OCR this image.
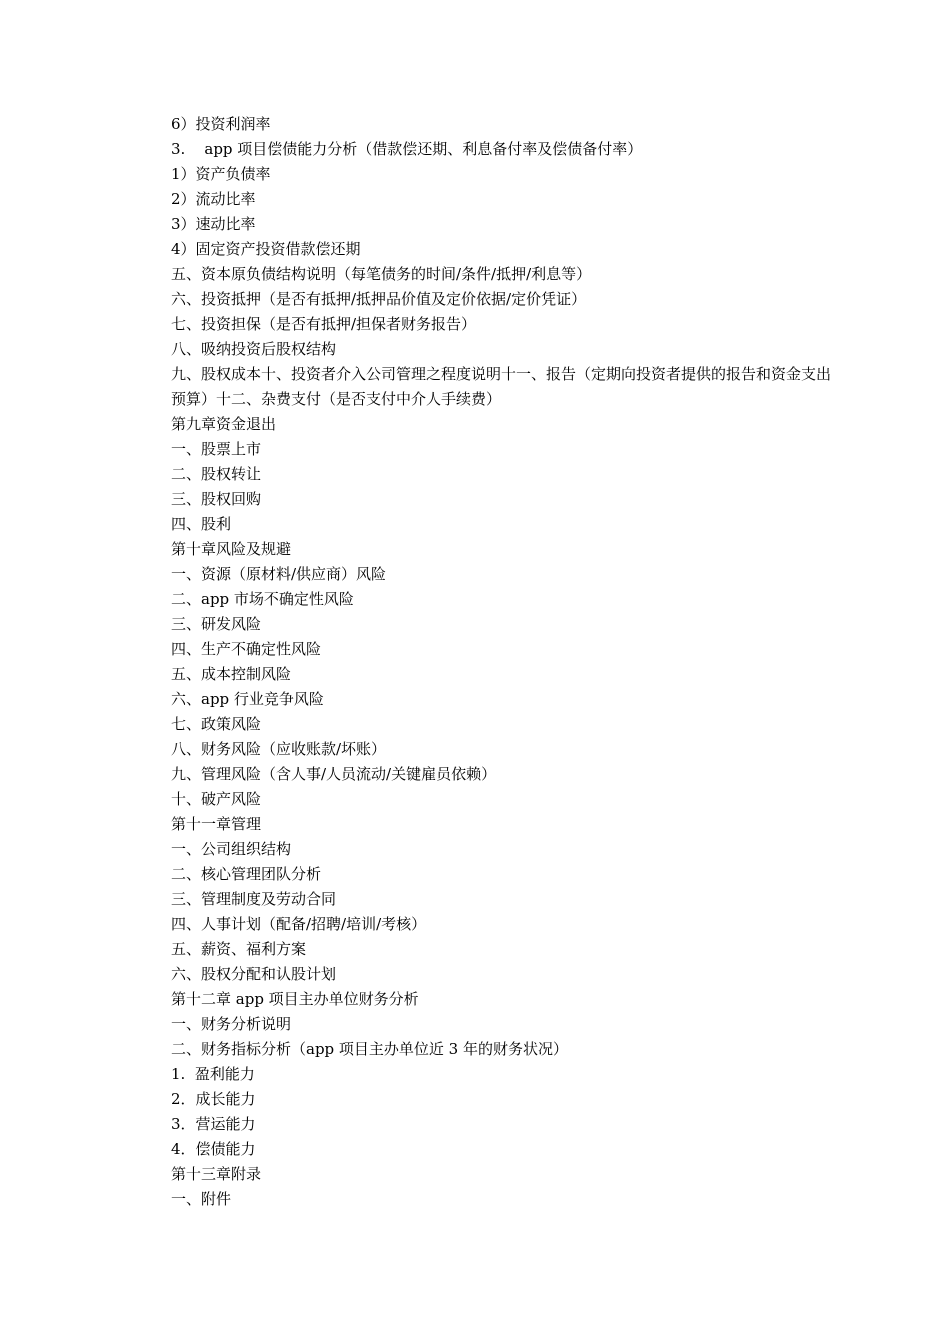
6）投资利润率

3.    app 项目偿债能力分析（借款偿还期、利息备付率及偿债备付率）

1）资产负债率

2）流动比率

3）速动比率

4）固定资产投资借款偿还期

五、资本原负债结构说明（每笔债务的时间/条件/抵押/利息等）

六、投资抵押（是否有抵押/抵押品价值及定价依据/定价凭证）

七、投资担保（是否有抵押/担保者财务报告）

八、吸纳投资后股权结构

九、股权成本十、投资者介入公司管理之程度说明十一、报告（定期向投资者提供的报告和资金支出预算）十二、杂费支付（是否支付中介人手续费）

第九章资金退出

一、股票上市

二、股权转让

三、股权回购

四、股利

第十章风险及规避

一、资源（原材料/供应商）风险

二、app 市场不确定性风险

三、研发风险

四、生产不确定性风险

五、成本控制风险

六、app 行业竞争风险

七、政策风险

八、财务风险（应收账款/坏账）

九、管理风险（含人事/人员流动/关键雇员依赖）

十、破产风险

第十一章管理

一、公司组织结构

二、核心管理团队分析

三、管理制度及劳动合同

四、人事计划（配备/招聘/培训/考核）

五、薪资、福利方案

六、股权分配和认股计划

第十二章 app 项目主办单位财务分析

一、财务分析说明

二、财务指标分析（app 项目主办单位近 3 年的财务状况）

1.  盈利能力

2．成长能力

3．营运能力

4．偿债能力

第十三章附录

一、附件
